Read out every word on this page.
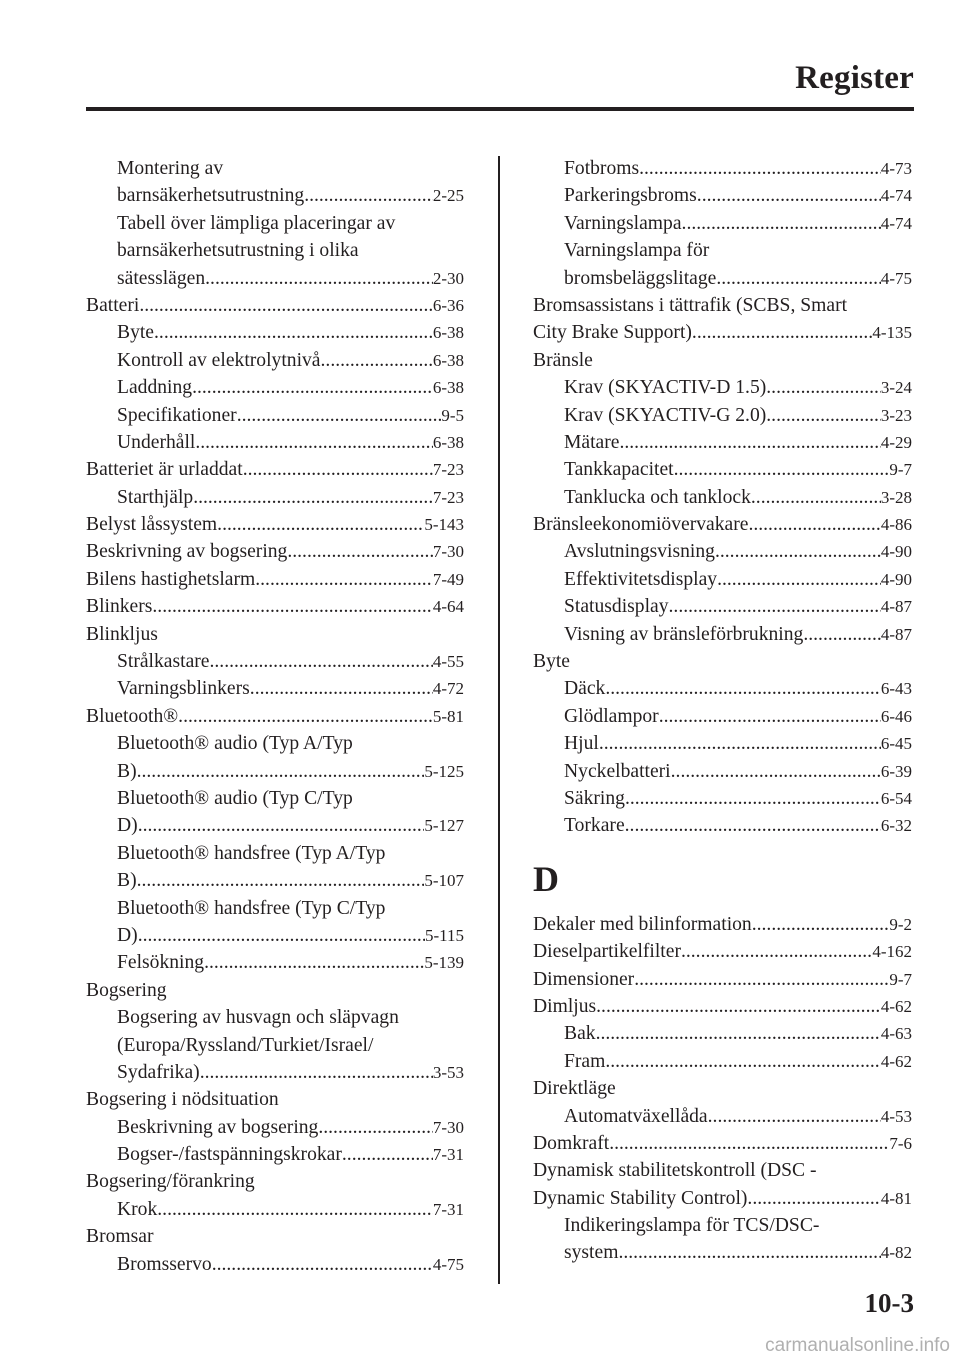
Register
Montering av
barnsäkerhetsutrustning .....	2-25
Tabell över lämpliga placeringar av
barnsäkerhetsutrustning i olika
sätesslägen .....	2-30
Batteri .....	6-36
Byte .....	6-38
Kontroll av elektrolytnivå .....	6-38
Laddning .....	6-38
Specifikationer .....	9-5
Underhåll .....	6-38
Batteriet är urladdat .....	7-23
Starthjälp .....	7-23
Belyst låssystem .....	5-143
Beskrivning av bogsering .....	7-30
Bilens hastighetslarm .....	7-49
Blinkers .....	4-64
Blinkljus
Strålkastare .....	4-55
Varningsblinkers .....	4-72
Bluetooth® .....	5-81
Bluetooth® audio (Typ A/Typ
B) .....	5-125
Bluetooth® audio (Typ C/Typ
D) .....	5-127
Bluetooth® handsfree (Typ A/Typ
B) .....	5-107
Bluetooth® handsfree (Typ C/Typ
D) .....	5-115
Felsökning .....	5-139
Bogsering
Bogsering av husvagn och släpvagn
(Europa/Ryssland/Turkiet/Israel/
Sydafrika) .....	3-53
Bogsering i nödsituation
Beskrivning av bogsering .....	7-30
Bogser-/fastspänningskrokar .....	7-31
Bogsering/förankring
Krok .....	7-31
Bromsar
Bromsservo .....	4-75
Fotbroms .....	4-73
Parkeringsbroms .....	4-74
Varningslampa .....	4-74
Varningslampa för
bromsbeläggslitage .....	4-75
Bromsassistans i tättrafik (SCBS, Smart
City Brake Support) .....	4-135
Bränsle
Krav (SKYACTIV-D 1.5) .....	3-24
Krav (SKYACTIV-G 2.0) .....	3-23
Mätare .....	4-29
Tankkapacitet .....	9-7
Tanklucka och tanklock .....	3-28
Bränsleekonomiövervakare .....	4-86
Avslutningsvisning .....	4-90
Effektivitetsdisplay .....	4-90
Statusdisplay .....	4-87
Visning av bränsleförbrukning .....	4-87
Byte
Däck .....	6-43
Glödlampor .....	6-46
Hjul .....	6-45
Nyckelbatteri .....	6-39
Säkring .....	6-54
Torkare .....	6-32
D
Dekaler med bilinformation .....	9-2
Dieselpartikelfilter .....	4-162
Dimensioner .....	9-7
Dimljus .....	4-62
Bak .....	4-63
Fram .....	4-62
Direktläge
Automatväxellåda .....	4-53
Domkraft .....	7-6
Dynamisk stabilitetskontroll (DSC -
Dynamic Stability Control) .....	4-81
Indikeringslampa för TCS/DSC-
system .....	4-82
10-3
carmanualsonline.info
